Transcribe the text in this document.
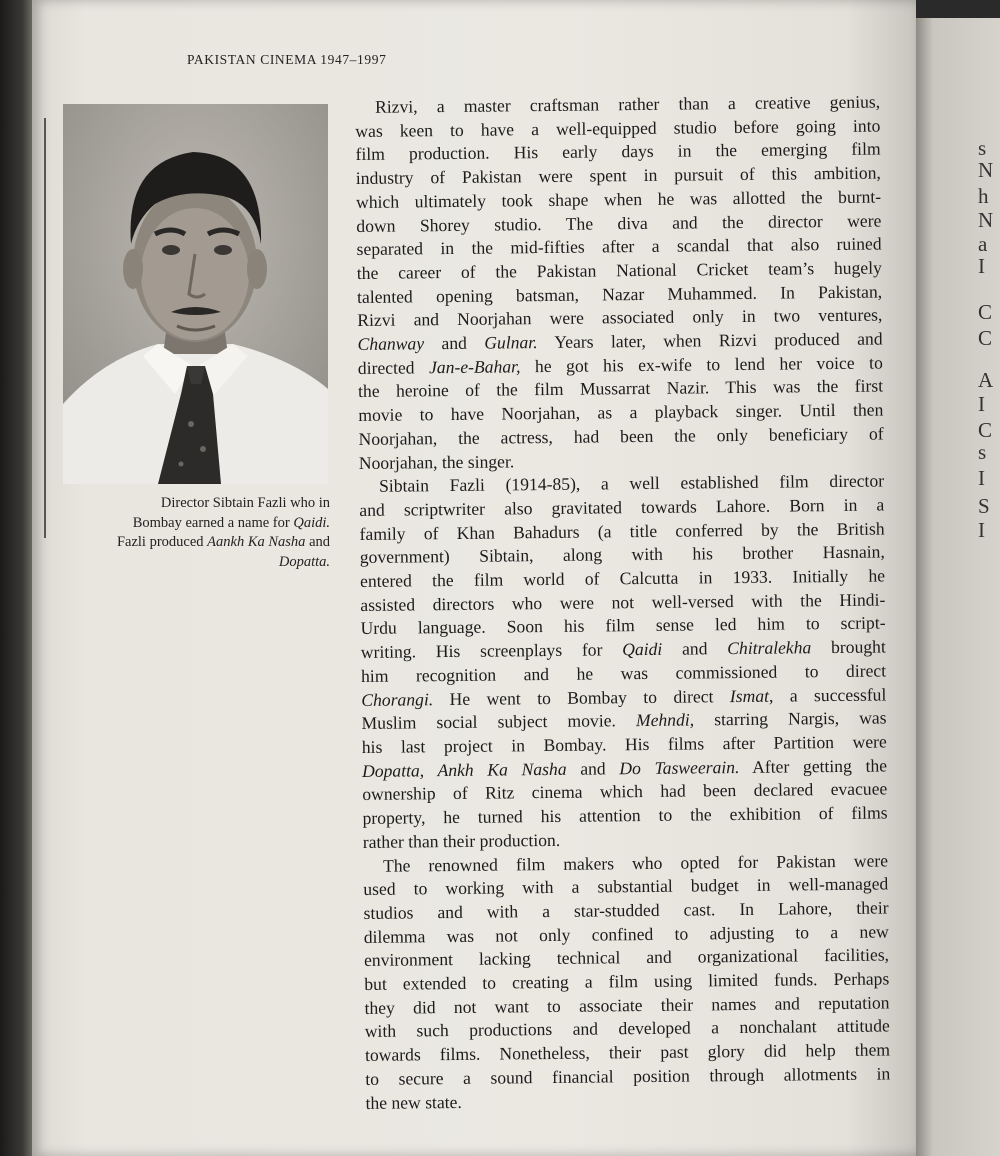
s
N
h
N
a
I
C
C
A
I
C
s
I
S
I
PAKISTAN CINEMA 1947–1997
Director Sibtain Fazli who in
Bombay earned a name for Qaidi.
Fazli produced Aankh Ka Nasha and
Dopatta.
Rizvi, a master craftsman rather than a creative genius,
was keen to have a well-equipped studio before going into
film production. His early days in the emerging film
industry of Pakistan were spent in pursuit of this ambition,
which ultimately took shape when he was allotted the burnt-
down Shorey studio. The diva and the director were
separated in the mid-fifties after a scandal that also ruined
the career of the Pakistan National Cricket team’s hugely
talented opening batsman, Nazar Muhammed. In Pakistan,
Rizvi and Noorjahan were associated only in two ventures,
Chanway and Gulnar. Years later, when Rizvi produced and
directed Jan-e-Bahar, he got his ex-wife to lend her voice to
the heroine of the film Mussarrat Nazir. This was the first
movie to have Noorjahan, as a playback singer. Until then
Noorjahan, the actress, had been the only beneficiary of
Noorjahan, the singer.
Sibtain Fazli (1914-85), a well established film director
and scriptwriter also gravitated towards Lahore. Born in a
family of Khan Bahadurs (a title conferred by the British
government) Sibtain, along with his brother Hasnain,
entered the film world of Calcutta in 1933. Initially he
assisted directors who were not well-versed with the Hindi-
Urdu language. Soon his film sense led him to script-
writing. His screenplays for Qaidi and Chitralekha brought
him recognition and he was commissioned to direct
Chorangi. He went to Bombay to direct Ismat, a successful
Muslim social subject movie. Mehndi, starring Nargis, was
his last project in Bombay. His films after Partition were
Dopatta, Ankh Ka Nasha and Do Tasweerain. After getting the
ownership of Ritz cinema which had been declared evacuee
property, he turned his attention to the exhibition of films
rather than their production.
The renowned film makers who opted for Pakistan were
used to working with a substantial budget in well-managed
studios and with a star-studded cast. In Lahore, their
dilemma was not only confined to adjusting to a new
environment lacking technical and organizational facilities,
but extended to creating a film using limited funds. Perhaps
they did not want to associate their names and reputation
with such productions and developed a nonchalant attitude
towards films. Nonetheless, their past glory did help them
to secure a sound financial position through allotments in
the new state.
